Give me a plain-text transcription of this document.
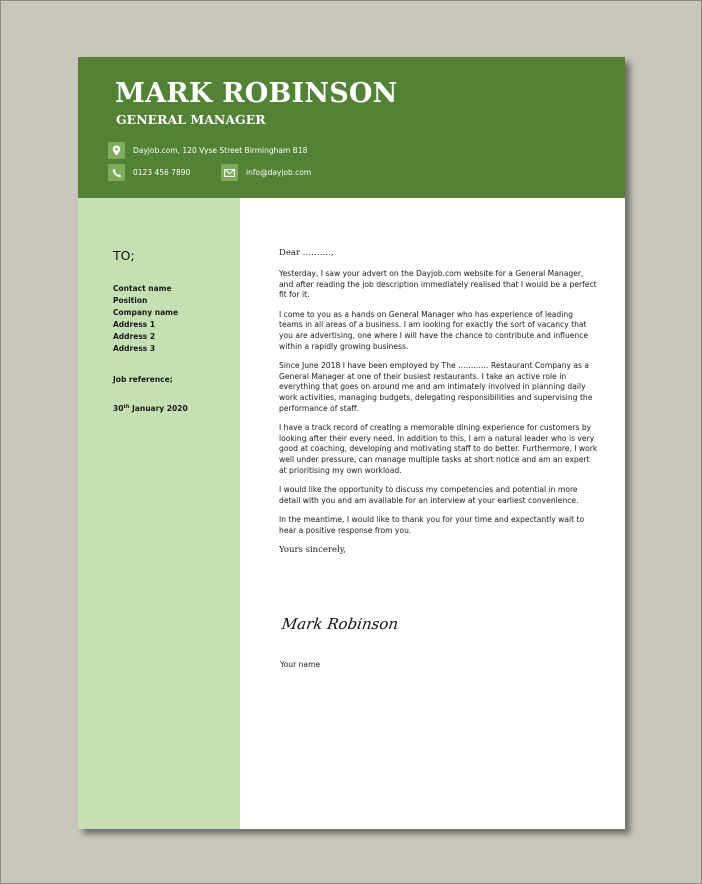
MARK ROBINSON
GENERAL MANAGER
Dayjob.com, 120 Vyse Street Birmingham B18
0123 456 7890	info@dayjob.com
TO;
Contact name
Position
Company name
Address 1
Address 2
Address 3
Job reference;
30th January 2020
Dear ……….,
Yesterday, I saw your advert on the Dayjob.com website for a General Manager, and after reading the job description immediately realised that I would be a perfect fit for it.
I come to you as a hands on General Manager who has experience of leading teams in all areas of a business. I am looking for exactly the sort of vacancy that you are advertising, one where I will have the chance to contribute and influence within a rapidly growing business.
Since June 2018 I have been employed by The ………… Restaurant Company as a General Manager at one of their busiest restaurants. I take an active role in everything that goes on around me and am intimately involved in planning daily work activities, managing budgets, delegating responsibilities and supervising the performance of staff.
I have a track record of creating a memorable dining experience for customers by looking after their every need. In addition to this, I am a natural leader who is very good at coaching, developing and motivating staff to do better. Furthermore, I work well under pressure, can manage multiple tasks at short notice and am an expert at prioritising my own workload.
I would like the opportunity to discuss my competencies and potential in more detail with you and am available for an interview at your earliest convenience.
In the meantime, I would like to thank you for your time and expectantly wait to hear a positive response from you.
Yours sincerely,
Mark Robinson
Your name
